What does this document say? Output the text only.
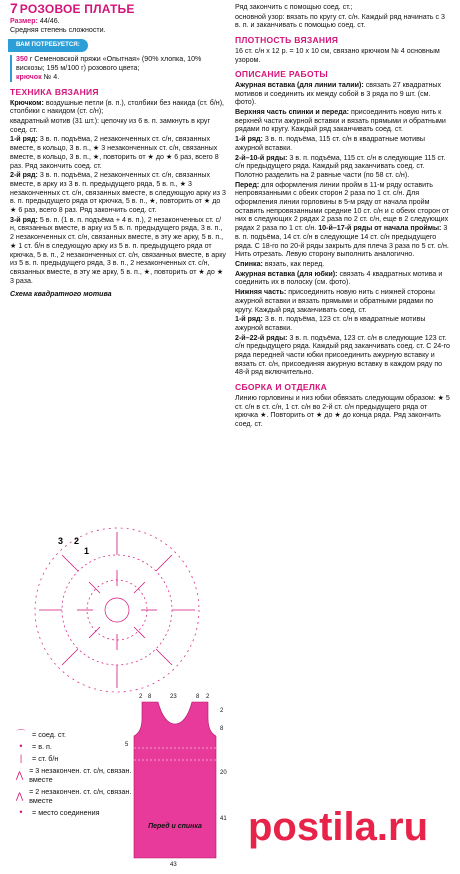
7 РОЗОВОЕ ПЛАТЬЕ

Размер: 44/46.

Средняя степень сложности.

ВАМ ПОТРЕБУЕТСЯ:

350 г Семеновской пряжи «Опытная» (90% хлопка, 10% вискозы; 195 м/100 г) розового цвета;

крючок № 4.

ТЕХНИКА ВЯЗАНИЯ

Крючком: воздушные петли (в. п.), столбики без накида (ст. б/н), столбики с накидом (ст. с/н);

квадратный мотив (31 шт.): цепочку из 6 в. п. замкнуть в круг соед. ст.

1-й ряд: 3 в. п. подъёма, 2 незаконченных ст. с/н, связанных вместе, в кольцо, 3 в. п., ★ 3 незаконченных ст. с/н, связанных вместе, в кольцо, 3 в. п., ★, повторить от ★ до ★ 6 раз, всего 8 раз. Ряд закончить соед. ст.

2-й ряд: 3 в. п. подъёма, 2 незаконченных ст. с/н, связанных вместе, в арку из 3 в. п. предыдущего ряда, 5 в. п., ★ 3 незаконченных ст. с/н, связанных вместе, в следующую арку из 3 в. п. предыдущего ряда от крючка, 5 в. п., ★, повторить от ★ до ★ 6 раз, всего 8 раз. Ряд закончить соед. ст.

3-й ряд: 5 в. п. (1 в. п. подъёма + 4 в. п.), 2 незаконченных ст. с/н, связанных вместе, в арку из 5 в. п. предыдущего ряда, 3 в. п., 2 незаконченных ст. с/н, связанных вместе, в эту же арку, 5 в. п., ★ 1 ст. б/н в следующую арку из 5 в. п. предыдущего ряда от крючка, 5 в. п., 2 незаконченных ст. с/н, связанных вместе, в арку из 5 в. п. предыдущего ряда, 3 в. п., 2 незаконченных ст. с/н, связанных вместе, в эту же арку, 5 в. п., ★, повторить от ★ до ★ 3 раза.

Схема квадратного мотива

3 2
1
⌒ = соед. ст.
•	= в. п.
|	= ст. б/н
⋀ = 3 незакончен. ст. с/н, связан. вместе
⋀ = 2 незакончен. ст. с/н, связан. вместе
•	= место соединения
2 8	23	8 2
2
8
20
41
5
43
Перед и спинка

Ряд закончить с помощью соед. ст.;

основной узор: вязать по кругу ст. с/н. Каждый ряд начинать с 3 в. п. и заканчивать с помощью соед. ст.

ПЛОТНОСТЬ ВЯЗАНИЯ

16 ст. с/н х 12 р. = 10 х 10 см, связано крючком № 4 основным узором.

ОПИСАНИЕ РАБОТЫ

Ажурная вставка (для линии талии): связать 27 квадратных мотивов и соединить их между собой в 3 ряда по 9 шт. (см. фото).

Верхняя часть спинки и переда: присоединить новую нить к верхней части ажурной вставки и вязать прямыми и обратными рядами по кругу. Каждый ряд заканчивать соед. ст.

1-й ряд: 3 в. п. подъёма, 115 ст. с/н в квадратные мотивы ажурной вставки.

2-й–10-й ряды: 3 в. п. подъёма, 115 ст. с/н в следующие 115 ст. с/н предыдущего ряда. Каждый ряд заканчивать соед. ст. Полотно разделить на 2 равные части (по 58 ст. с/н).

Перед: для оформления линии пройм в 11-м ряду оставить непровязанными с обеих сторон 2 раза по 1 ст. с/н. Для оформления линии горловины в 5-м ряду от начала пройм оставить непровязанными средние 10 ст. с/н и с обеих сторон от них в следующих 2 рядах 2 раза по 2 ст. с/н, еще в 2 следующих рядах 2 раза по 1 ст. с/н. 10-й–17-й ряды от начала проймы: 3 в. п. подъёма, 14 ст. с/н в следующие 14 ст. с/н предыдущего ряда. С 18-го по 20-й ряды закрыть для плеча 3 раза по 5 ст. с/н. Нить отрезать. Левую сторону выполнить аналогично.

Спинка: вязать, как перед.

Ажурная вставка (для юбки): связать 4 квадратных мотива и соединить их в полоску (см. фото).

Нижняя часть: присоединить новую нить с нижней стороны ажурной вставки и вязать прямыми и обратными рядами по кругу. Каждый ряд заканчивать соед. ст.

1-й ряд: 3 в. п. подъёма, 123 ст. с/н в квадратные мотивы ажурной вставки.

2-й–22-й ряды: 3 в. п. подъёма, 123 ст. с/н в следующие 123 ст. с/н предыдущего ряда. Каждый ряд заканчивать соед. ст. С 24-го ряда передней части юбки присоединить ажурную вставку и вязать ст. с/н, присоединяя ажурную вставку в каждом ряду по 48-й ряд включительно.

СБОРКА И ОТДЕЛКА

Линию горловины и низ юбки обвязать следующим образом: ★ 5 ст. с/н в ст. с/н, 1 ст. с/н во 2-й ст. с/н предыдущего ряда от крючка ★. Повторить от ★ до ★ до конца ряда. Ряд закончить соед. ст.

postila.ru
